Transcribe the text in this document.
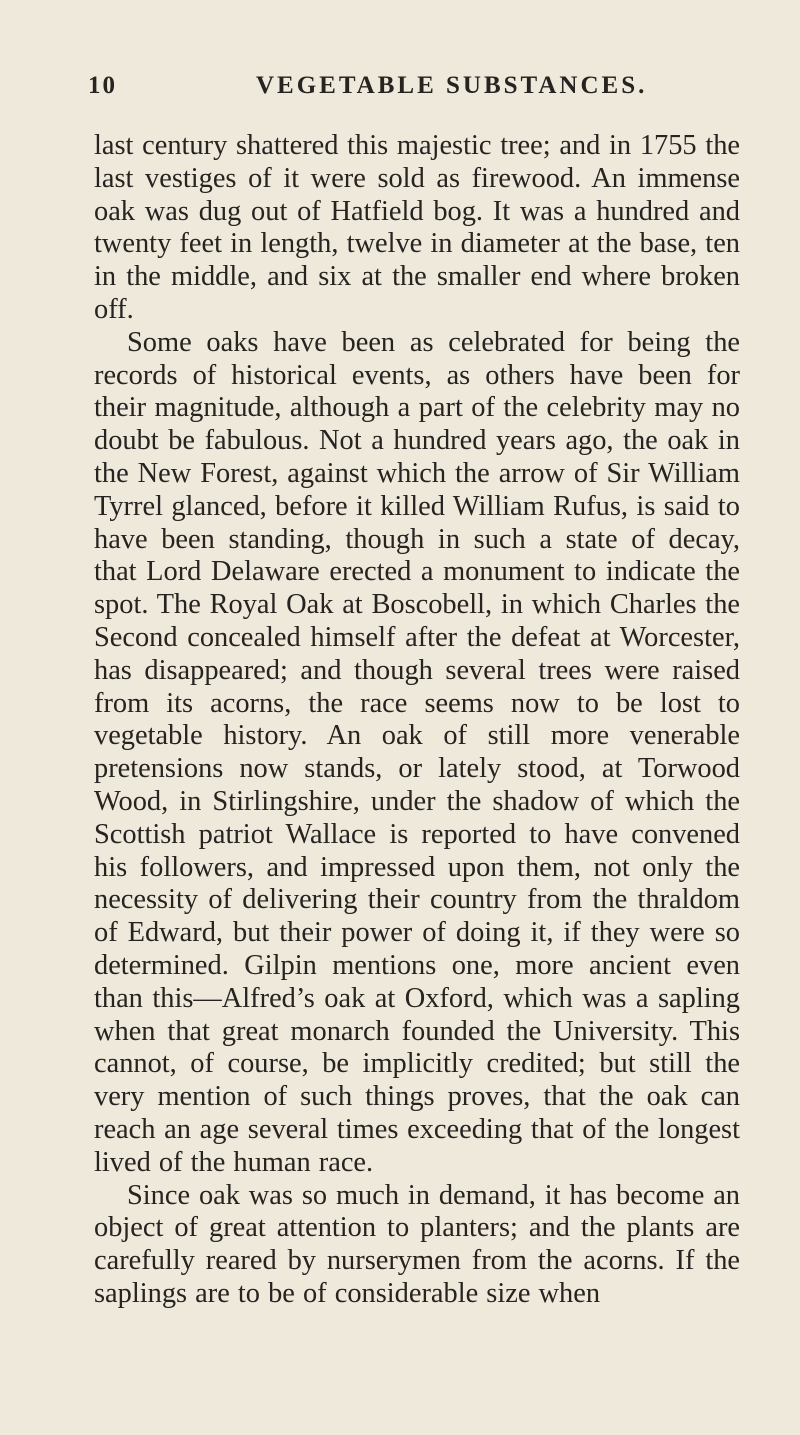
10	VEGETABLE SUBSTANCES.

last century shattered this majestic tree; and in 1755 the last vestiges of it were sold as firewood. An immense oak was dug out of Hatfield bog. It was a hundred and twenty feet in length, twelve in diameter at the base, ten in the middle, and six at the smaller end where broken off.

Some oaks have been as celebrated for being the records of historical events, as others have been for their magnitude, although a part of the celebrity may no doubt be fabulous. Not a hundred years ago, the oak in the New Forest, against which the arrow of Sir William Tyrrel glanced, before it killed William Rufus, is said to have been standing, though in such a state of decay, that Lord Delaware erected a monument to indicate the spot. The Royal Oak at Boscobell, in which Charles the Second concealed himself after the defeat at Worcester, has disappeared; and though several trees were raised from its acorns, the race seems now to be lost to vegetable history. An oak of still more venerable pretensions now stands, or lately stood, at Torwood Wood, in Stirlingshire, under the shadow of which the Scottish patriot Wallace is reported to have convened his followers, and impressed upon them, not only the necessity of delivering their country from the thraldom of Edward, but their power of doing it, if they were so determined. Gilpin mentions one, more ancient even than this—Alfred’s oak at Oxford, which was a sapling when that great monarch founded the University. This cannot, of course, be implicitly credited; but still the very mention of such things proves, that the oak can reach an age several times exceeding that of the longest lived of the human race.

Since oak was so much in demand, it has become an object of great attention to planters; and the plants are carefully reared by nurserymen from the acorns. If the saplings are to be of considerable size when
